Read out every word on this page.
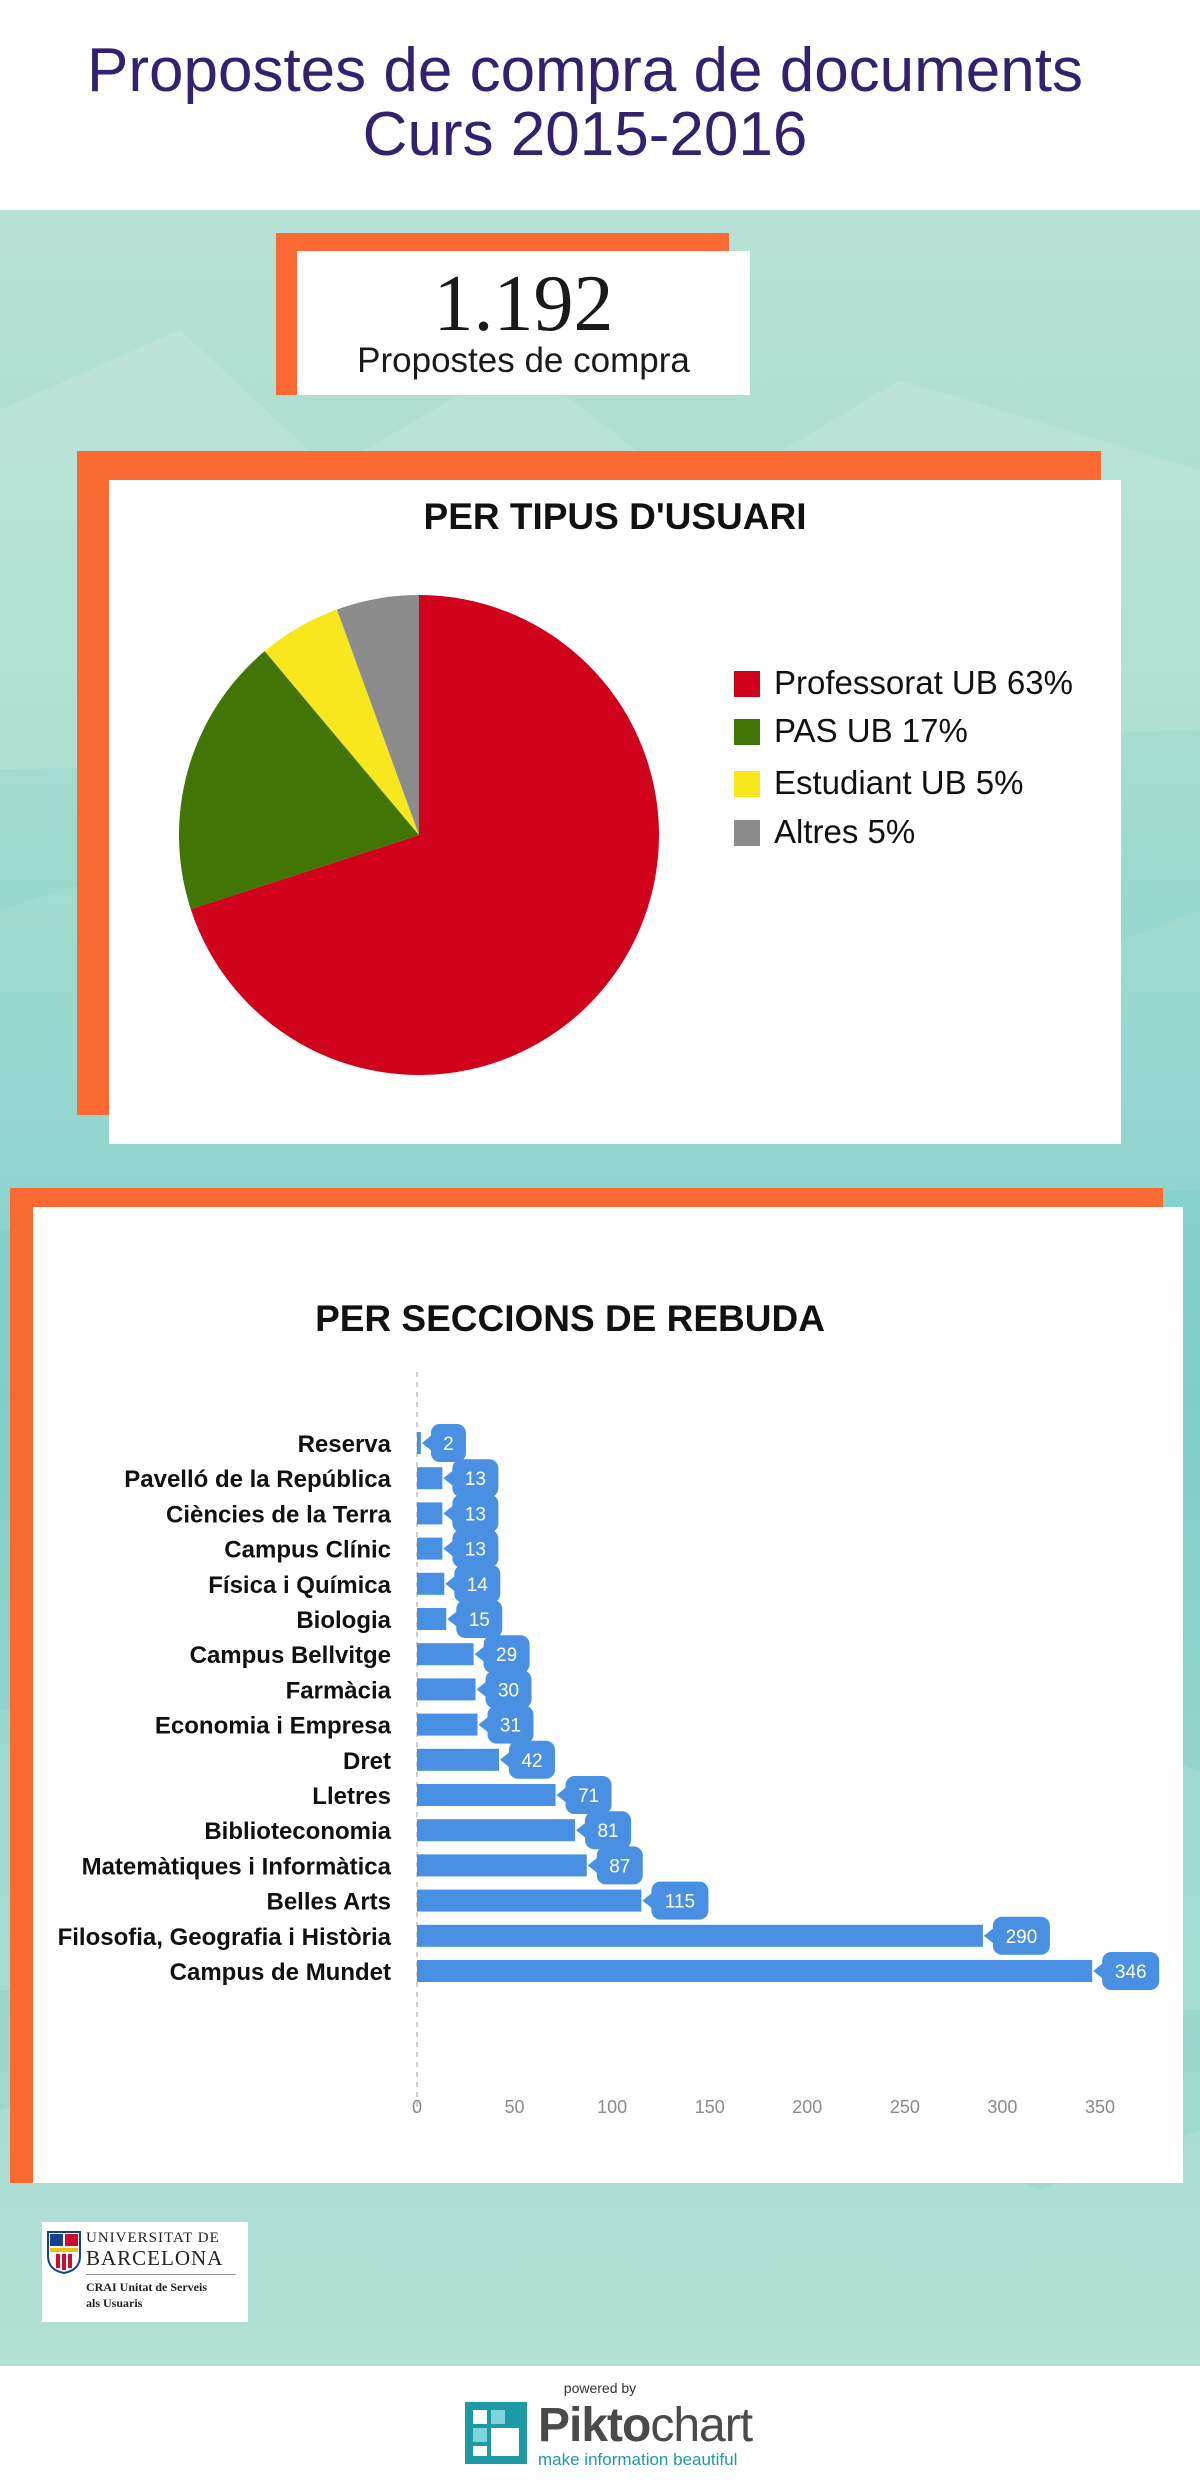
Propostes de compra de documents
Curs 2015-2016
1.192
Propostes de compra
PER TIPUS D'USUARI
Professorat UB 63%
PAS UB 17%
Estudiant UB 5%
Altres 5%
PER SECCIONS DE REBUDA
Reserva	2
Pavelló de la República	13
Ciències de la Terra	13
Campus Clínic	13
Física i Química	14
Biologia	15
Campus Bellvitge	29
Farmàcia	30
Economia i Empresa	31
Dret	42
Lletres	71
Biblioteconomia	81
Matemàtiques i Informàtica	87
Belles Arts	115
Filosofia, Geografia i Història	290
Campus de Mundet	346
0	50	100	150	200	250	300	350
UNIVERSITAT DE
BARCELONA
CRAI Unitat de Serveis
als Usuaris
powered by
Piktochart
make information beautiful
